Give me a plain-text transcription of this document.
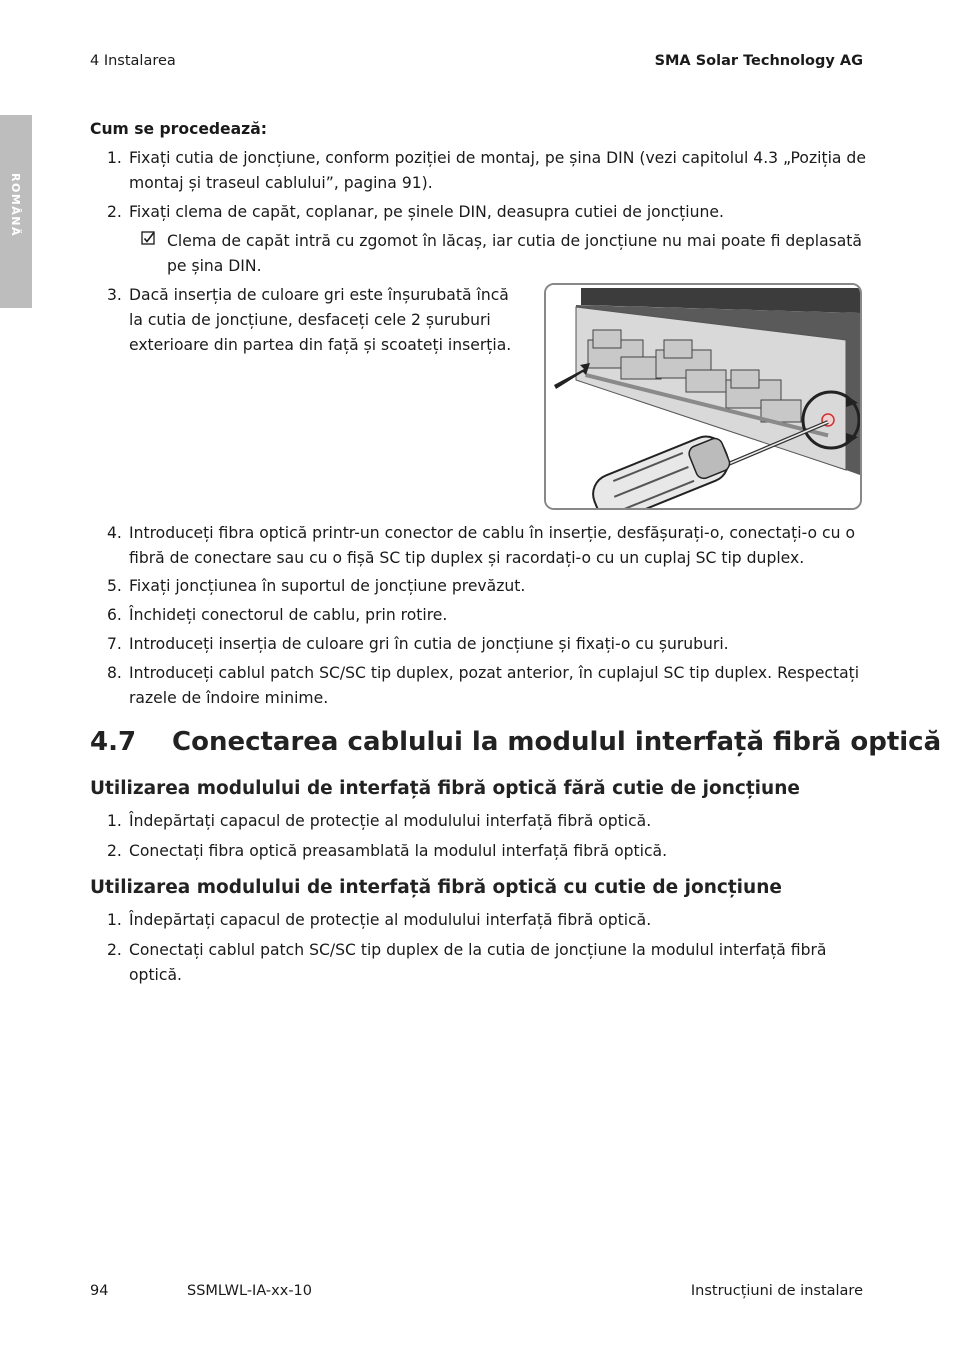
4 Instalarea	SMA Solar Technology AG
ROMÂNĂ
Cum se procedează:
1. Fixați cutia de joncțiune, conform poziției de montaj, pe șina DIN (vezi capitolul 4.3 „Poziția de montaj și traseul cablului”, pagina 91).
2. Fixați clema de capăt, coplanar, pe șinele DIN, deasupra cutiei de joncțiune.
Clema de capăt intră cu zgomot în lăcaș, iar cutia de joncțiune nu mai poate fi deplasată pe șina DIN.
3. Dacă inserția de culoare gri este înșurubată încă la cutia de joncțiune, desfaceți cele 2 șuruburi exterioare din partea din față și scoateți inserția.
4. Introduceți fibra optică printr-un conector de cablu în inserție, desfășurați-o, conectați-o cu o fibră de conectare sau cu o fișă SC tip duplex și racordați-o cu un cuplaj SC tip duplex.
5. Fixați joncțiunea în suportul de joncțiune prevăzut.
6. Închideți conectorul de cablu, prin rotire.
7. Introduceți inserția de culoare gri în cutia de joncțiune și fixați-o cu șuruburi.
8. Introduceți cablul patch SC/SC tip duplex, pozat anterior, în cuplajul SC tip duplex. Respectați razele de îndoire minime.
4.7 Conectarea cablului la modulul interfață fibră optică
Utilizarea modulului de interfață fibră optică fără cutie de joncțiune
1. Îndepărtați capacul de protecție al modulului interfață fibră optică.
2. Conectați fibra optică preasamblată la modulul interfață fibră optică.
Utilizarea modulului de interfață fibră optică cu cutie de joncțiune
1. Îndepărtați capacul de protecție al modulului interfață fibră optică.
2. Conectați cablul patch SC/SC tip duplex de la cutia de joncțiune la modulul interfață fibră optică.
94	SSMLWL-IA-xx-10	Instrucțiuni de instalare
